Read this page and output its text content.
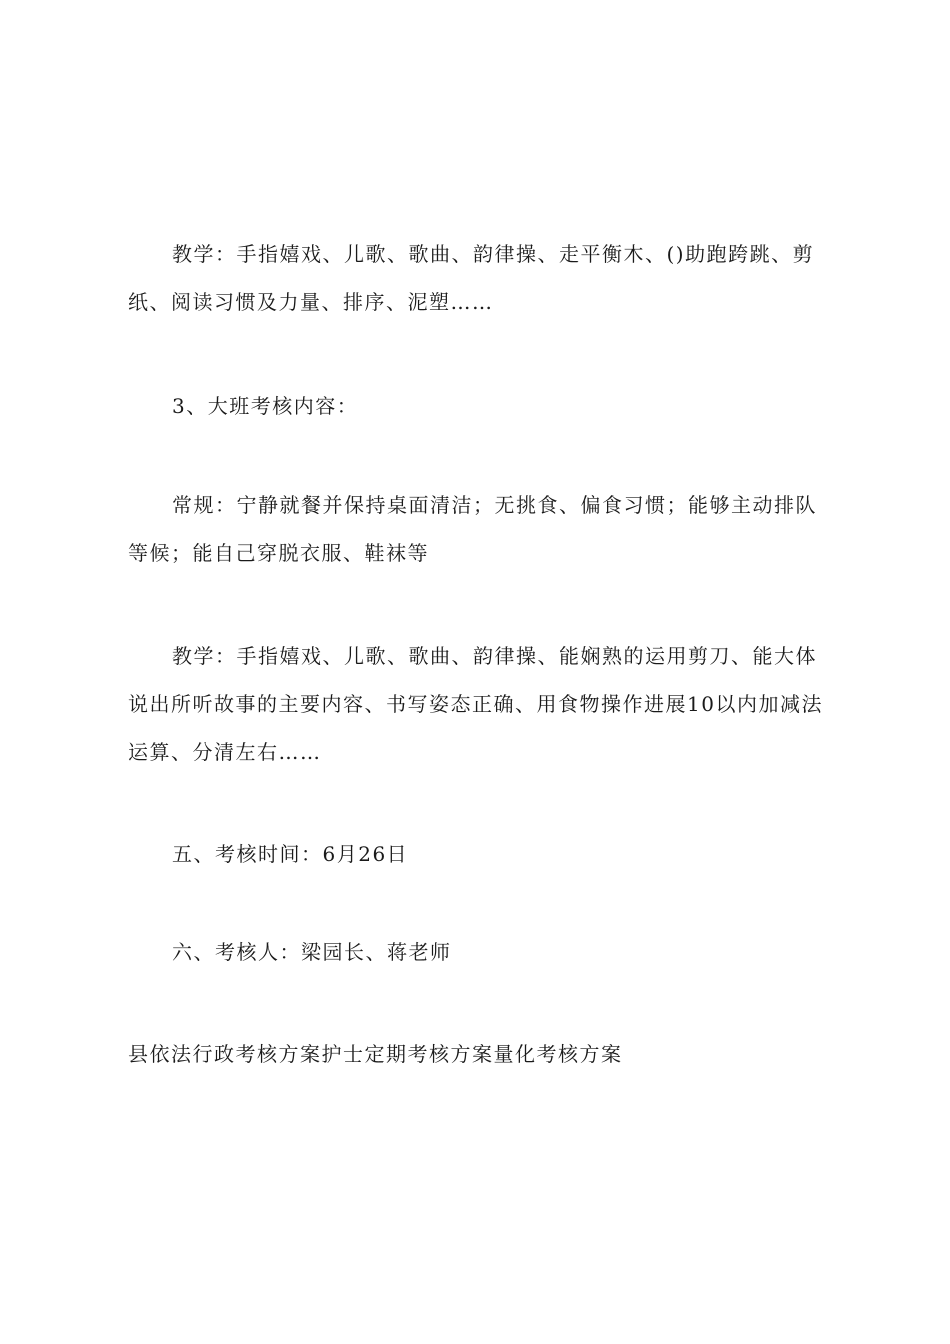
教学：手指嬉戏、儿歌、歌曲、韵律操、走平衡木、()助跑跨跳、剪纸、阅读习惯及力量、排序、泥塑……

3、大班考核内容：

常规：宁静就餐并保持桌面清洁；无挑食、偏食习惯；能够主动排队等候；能自己穿脱衣服、鞋袜等

教学：手指嬉戏、儿歌、歌曲、韵律操、能娴熟的运用剪刀、能大体说出所听故事的主要内容、书写姿态正确、用食物操作进展10以内加减法运算、分清左右……

五、考核时间：6月26日

六、考核人：梁园长、蒋老师

县依法行政考核方案护士定期考核方案量化考核方案
